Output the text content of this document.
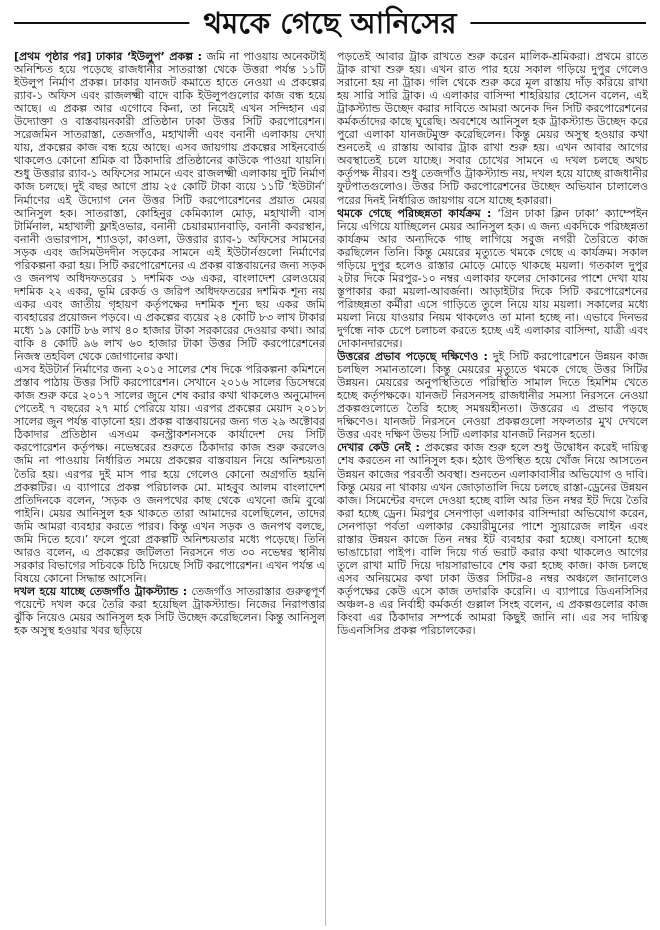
থমকে গেছে আনিসের

[প্রথম পৃষ্ঠার পর] ঢাকার ‘ইউলুপ’ প্রকল্প : জমি না পাওয়ায় অনেকটাই অনিশ্চিত হয়ে পড়েছে রাজধানীর সাতরাস্তা থেকে উত্তরা পর্যন্ত ১১টি ইউলুপ নির্মাণ প্রকল্প। ঢাকার যানজট কমাতে হাতে নেওয়া এ প্রকল্পের র‌্যাব-১ অফিস এবং রাজলক্ষ্মী বাদে বাকি ইউলুপগুলোর কাজ বন্ধ হয়ে আছে। এ প্রকল্প আর এগোবে কিনা, তা নিয়েই এখন সন্দিহান এর উদ্যোক্তা ও বাস্তবায়নকারী প্রতিষ্ঠান ঢাকা উত্তর সিটি করপোরেশন। সরেজমিন সাতরাস্তা, তেজগাঁও, মহাখালী এবং বনানী এলাকায় দেখা যায়, প্রকল্পের কাজ বন্ধ হয়ে আছে। এসব জায়গায় প্রকল্পের সাইনবোর্ড থাকলেও কোনো শ্রমিক বা ঠিকাদারি প্রতিষ্ঠানের কাউকে পাওয়া যায়নি। শুধু উত্তরার র‌্যাব-১ অফিসের সামনে এবং রাজলক্ষ্মী এলাকায় দুটি নির্মাণ কাজ চলছে। দুই বছর আগে প্রায় ২৫ কোটি টাকা ব্যয়ে ১১টি ‘ইউটার্ন’ নির্মাণের এই উদ্যোগ নেন উত্তর সিটি করপোরেশনের প্রয়াত মেয়র আনিসুল হক। সাতরাস্তা, কোহিনুর কেমিক্যাল মোড়, মহাখালী বাস টার্মিনাল, মহাখালী ফ্লাইওভার, বনানী চেয়ারম্যানবাড়ি, বনানী কবরস্থান, বনানী ওভারপাস, শ্যাওড়া, কাওলা, উত্তরার র‌্যাব-১ অফিসের সামনের সড়ক এবং জসিমউদদীন সড়কের সামনে এই ইউটার্নগুলো নির্মাণের পরিকল্পনা করা হয়। সিটি করপোরেশনের এ প্রকল্প বাস্তবায়নের জন্য সড়ক ও জনপথ অধিদফতরের ১ দশমিক ৩৬ একর, বাংলাদেশ রেলওয়ের দশমিক ২২ একর, ভূমি রেকর্ড ও জরিপ অধিদফতরের দশমিক শূন্য নয় একর এবং জাতীয় গৃহায়ণ কর্তৃপক্ষের দশমিক শূন্য ছয় একর জমি ব্যবহারের প্রয়োজন পড়বে। এ প্রকল্পের ব্যয়ের ২৪ কোটি ৮৩ লাখ টাকার মধ্যে ১৯ কোটি ৮৬ লাখ ৪০ হাজার টাকা সরকারের দেওয়ার কথা। আর বাকি ৪ কোটি ৯৬ লাখ ৬০ হাজার টাকা উত্তর সিটি করপোরেশনের নিজস্ব তহবিল থেকে জোগানোর কথা।

এসব ইউটার্ন নির্মাণের জন্য ২০১৫ সালের শেষ দিকে পরিকল্পনা কমিশনে প্রস্তাব পাঠায় উত্তর সিটি করপোরেশন। সেখানে ২০১৬ সালের ডিসেম্বরে কাজ শুরু করে ২০১৭ সালের জুনে শেষ করার কথা থাকলেও অনুমোদন পেতেই ৭ বছরের ২৭ মার্চ পেরিয়ে যায়। এরপর প্রকল্পের মেয়াদ ২০১৮ সালের জুন পর্যন্ত বাড়ানো হয়। প্রকল্প বাস্তবায়নের জন্য গত ২৯ অক্টোবর ঠিকাদার প্রতিষ্ঠান এসএম কনস্ট্রাকশনসকে কার্যাদেশ দেয় সিটি করপোরেশন কর্তৃপক্ষ। নভেম্বরের শুরুতে ঠিকাদার কাজ শুরু করলেও জমি না পাওয়ায় নির্ধারিত সময়ে প্রকল্পের বাস্তবায়ন নিয়ে অনিশ্চয়তা তৈরি হয়। এরপর দুই মাস পার হয়ে গেলেও কোনো অগ্রগতি হয়নি প্রকল্পটির। এ ব্যাপারে প্রকল্প পরিচালক মো. মাহবুব আলম বাংলাদেশ প্রতিদিনকে বলেন, ‘সড়ক ও জনপথের কাছ থেকে এখনো জমি বুঝে পাইনি। মেয়র আনিসুল হক থাকতে তারা আমাদের বলেছিলেন, তাদের জমি আমরা ব্যবহার করতে পারব। কিন্তু এখন সড়ক ও জনপথ বলছে, জমি দিতে হবে।’ ফলে পুরো প্রকল্পটি অনিশ্চয়তার মধ্যে পড়েছে। তিনি আরও বলেন, এ প্রকল্পের জটিলতা নিরসনে গত ৩০ নভেম্বর স্থানীয় সরকার বিভাগের সচিবকে চিঠি দিয়েছে সিটি করপোরেশন। এখন পর্যন্ত এ বিষয়ে কোনো সিদ্ধান্ত আসেনি।

দখল হয়ে যাচ্ছে তেজগাঁও ট্রাকস্ট্যান্ড : তেজগাঁও সাতরাস্তার গুরুত্বপূর্ণ পয়েন্টে দখল করে তৈরি করা হয়েছিল ট্রাকস্ট্যান্ড। নিজের নিরাপত্তার ঝুঁকি নিয়েও মেয়র আনিসুল হক সিটি উচ্ছেদ করেছিলেন। কিন্তু আনিসুল হক অসুস্থ হওয়ার খবর ছড়িয়ে

পড়তেই আবার ট্রাক রাখতে শুরু করেন মালিক-শ্রমিকরা। প্রথমে রাতে ট্রাক রাখা শুরু হয়। এখন রাত পার হয়ে সকাল গড়িয়ে দুপুর গেলেও সরানো হয় না ট্রাক। গলি থেকে শুরু করে মূল রাস্তায় দাঁড় করিয়ে রাখা হয় সারি সারি ট্রাক। এ এলাকার বাসিন্দা শাহরিয়ার হোসেন বলেন, এই ট্রাকস্ট্যান্ড উচ্ছেদ করার দাবিতে আমরা অনেক দিন সিটি করপোরেশনের কর্মকর্তাদের কাছে ঘুরেছি। অবশেষে আনিসুল হক ট্রাকস্ট্যান্ড উচ্ছেদ করে পুরো এলাকা যানজটমুক্ত করেছিলেন। কিন্তু মেয়র অসুস্থ হওয়ার কথা শুনতেই এ রাস্তায় আবার ট্রাক রাখা শুরু হয়। এখন আবার আগের অবস্থাতেই চলে যাচ্ছে। সবার চোখের সামনে এ দখল চলছে অথচ কর্তৃপক্ষ নীরব। শুধু তেজগাঁও ট্রাকস্ট্যান্ড নয়, দখল হয়ে যাচ্ছে রাজধানীর ফুটপাতগুলোও। উত্তর সিটি করপোরেশনের উচ্ছেদ অভিযান চালালেও পরের দিনই নির্ধারিত জায়গায় বসে যাচ্ছে হকাররা।

থমকে গেছে পরিচ্ছন্নতা কার্যক্রম : ‘গ্রিন ঢাকা ক্লিন ঢাকা’ ক্যাম্পেইন নিয়ে এগিয়ে যাচ্ছিলেন মেয়র আনিসুল হক। এ জন্য একদিকে পরিচ্ছন্নতা কার্যক্রম আর অন্যদিকে গাছ লাগিয়ে সবুজ নগরী তৈরিতে কাজ করছিলেন তিনি। কিন্তু মেয়রের মৃত্যুতে থমকে গেছে এ কার্যক্রম। সকাল গড়িয়ে দুপুর হলেও রাস্তার মোড়ে মোড়ে থাকছে ময়লা। গতকাল দুপুর ২টার দিকে মিরপুর-১০ নম্বর এলাকার ফলের দোকানের পাশে দেখা যায় স্তূপাকার করা ময়লা-আবর্জনা। আড়াইটার দিকে সিটি করপোরেশনের পরিচ্ছন্নতা কর্মীরা এসে গাড়িতে তুলে নিয়ে যায় ময়লা। সকালের মধ্যে ময়লা নিয়ে যাওয়ার নিয়ম থাকলেও তা মানা হচ্ছে না। এভাবে দিনভর দুর্গন্ধে নাক চেপে চলাচল করতে হচ্ছে এই এলাকার বাসিন্দা, যাত্রী এবং দোকানদারদের।

উত্তরের প্রভাব পড়েছে দক্ষিণেও : দুই সিটি করপোরেশনে উন্নয়ন কাজ চলছিল সমানতালে। কিন্তু মেয়রের মৃত্যুতে থমকে গেছে উত্তর সিটির উন্নয়ন। মেয়রের অনুপস্থিতিতে পরিস্থিতি সামাল দিতে হিমশিম খেতে হচ্ছে কর্তৃপক্ষকে। যানজট নিরসনসহ রাজধানীর সমস্যা নিরসনে নেওয়া প্রকল্পগুলোতে তৈরি হচ্ছে সমন্বয়হীনতা। উত্তরের এ প্রভাব পড়ছে দক্ষিণেও। যানজট নিরসনে নেওয়া প্রকল্পগুলো সফলতার মুখ দেখলে উত্তর এবং দক্ষিণ উভয় সিটি এলাকার যানজট নিরসন হতো।

দেখার কেউ নেই : প্রকল্পের কাজ শুরু হলে শুধু উদ্বোধন করেই দায়িত্ব শেষ করতেন না আনিসুল হক। হঠাৎ উপস্থিত হয়ে খোঁজ নিয়ে আসতেন উন্নয়ন কাজের পরবর্তী অবস্থা। শুনতেন এলাকাবাসীর অভিযোগ ও দাবি। কিন্তু মেয়র না থাকায় এখন জোড়াতালি দিয়ে চলছে রাস্তা-ড্রেনের উন্নয়ন কাজ। সিমেন্টের বদলে দেওয়া হচ্ছে বালি আর তিন নম্বর ইট দিয়ে তৈরি করা হচ্ছে ড্রেন। মিরপুর সেনপাড়া এলাকার বাসিন্দারা অভিযোগ করেন, সেনপাড়া পর্বতা এলাকার কেয়ারীমুনের পাশে স্যুয়ারেজ লাইন এবং রাস্তার উন্নয়ন কাজে তিন নম্বর ইট ব্যবহার করা হচ্ছে। বসানো হচ্ছে ভাঙাচোরা পাইপ। বালি দিয়ে গর্ত ভরাট করার কথা থাকলেও আগের তুলে রাখা মাটি দিয়ে দায়সারাভাবে শেষ করা হচ্ছে কাজ। কাজ চলছে এসব অনিয়মের কথা ঢাকা উত্তর সিটির-৪ নম্বর অঞ্চলে জানালেও কর্তৃপক্ষের কেউ এসে কাজ তদারকি করেনি। এ ব্যাপারে ডিএনসিসির অঞ্চল-৪ এর নির্বাহী কর্মকর্তা গুল্লাল সিংহ বলেন, এ প্রকল্পগুলোর কাজ কিংবা এর ঠিকাদার সম্পর্কে আমরা কিছুই জানি না। এর সব দায়িত্ব ডিএনসিসির প্রকল্প পরিচালকের।
